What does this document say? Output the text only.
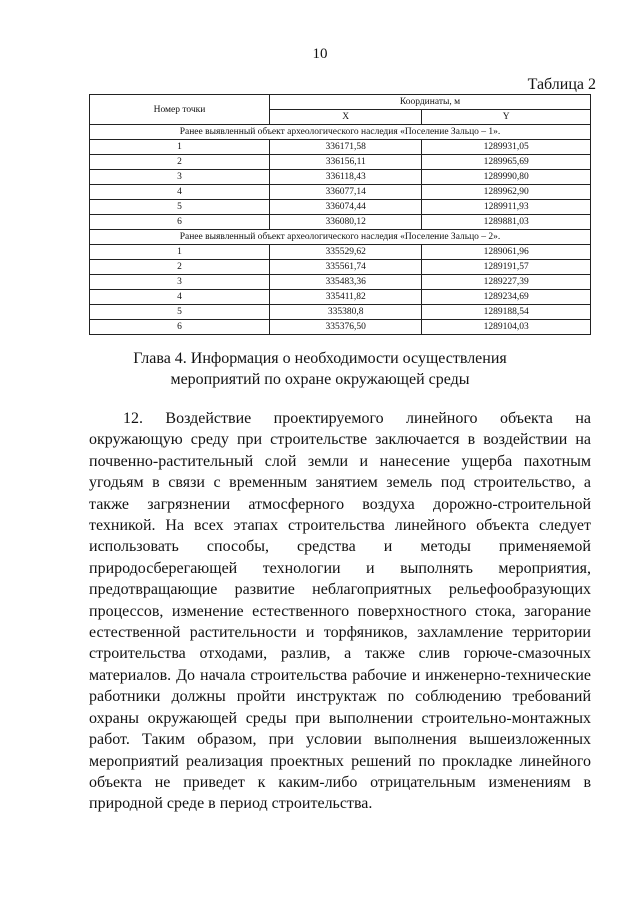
10
Таблица 2
Номер точки	Координаты, м	
	X	Y
Ранее выявленный объект археологического наследия «Поселение Зальцо – 1».		
1	336171,58	1289931,05
2	336156,11	1289965,69
3	336118,43	1289990,80
4	336077,14	1289962,90
5	336074,44	1289911,93
6	336080,12	1289881,03
Ранее выявленный объект археологического наследия «Поселение Зальцо – 2».		
1	335529,62	1289061,96
2	335561,74	1289191,57
3	335483,36	1289227,39
4	335411,82	1289234,69
5	335380,8	1289188,54
6	335376,50	1289104,03
Глава 4. Информация о необходимости осуществления
мероприятий по охране окружающей среды

12. Воздействие проектируемого линейного объекта на окружающую среду при строительстве заключается в воздействии на почвенно-растительный слой земли и нанесение ущерба пахотным угодьям в связи с временным занятием земель под строительство, а также загрязнении атмосферного воздуха дорожно-строительной техникой. На всех этапах строительства линейного объекта следует использовать способы, средства и методы применяемой природосберегающей технологии и выполнять мероприятия, предотвращающие развитие неблагоприятных рельефообразующих процессов, изменение естественного поверхностного стока, загорание естественной растительности и торфяников, захламление территории строительства отходами, разлив, а также слив горюче-смазочных материалов. До начала строительства рабочие и инженерно-технические работники должны пройти инструктаж по соблюдению требований охраны окружающей среды при выполнении строительно-монтажных работ. Таким образом, при условии выполнения вышеизложенных мероприятий реализация проектных решений по прокладке линейного объекта не приведет к каким-либо отрицательным изменениям в природной среде в период строительства.
